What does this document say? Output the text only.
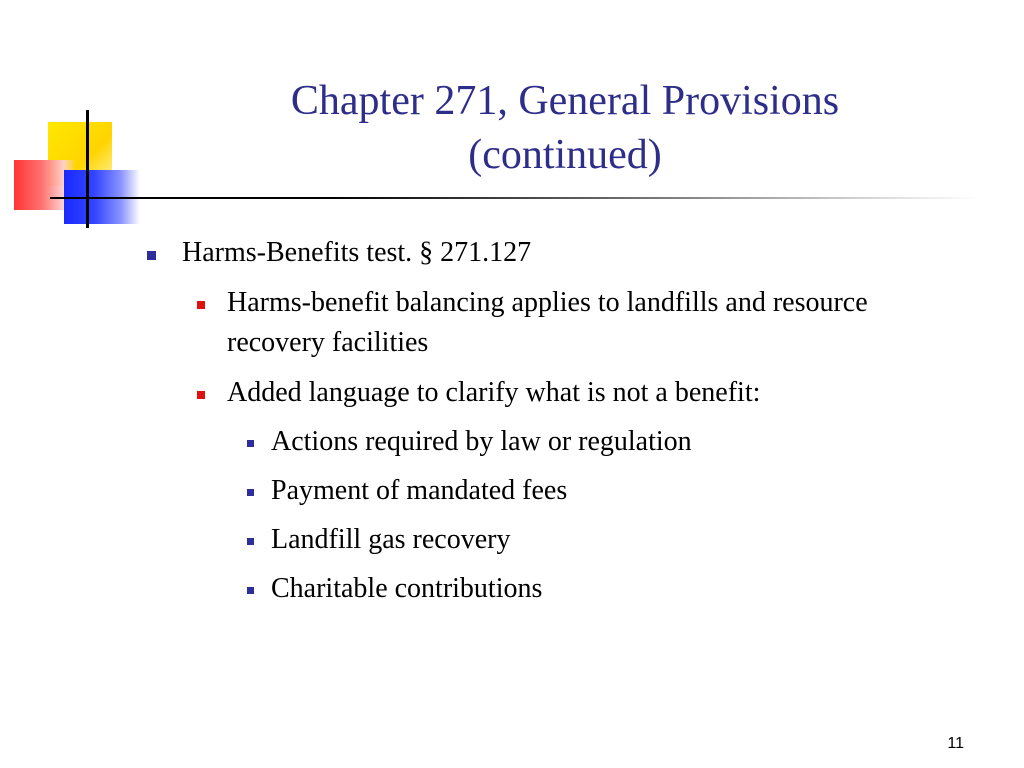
Chapter 271, General Provisions
(continued)
Harms-Benefits test. § 271.127
Harms-benefit balancing applies to landfills and resource recovery facilities
Added language to clarify what is not a benefit:
Actions required by law or regulation
Payment of mandated fees
Landfill gas recovery
Charitable contributions
11
